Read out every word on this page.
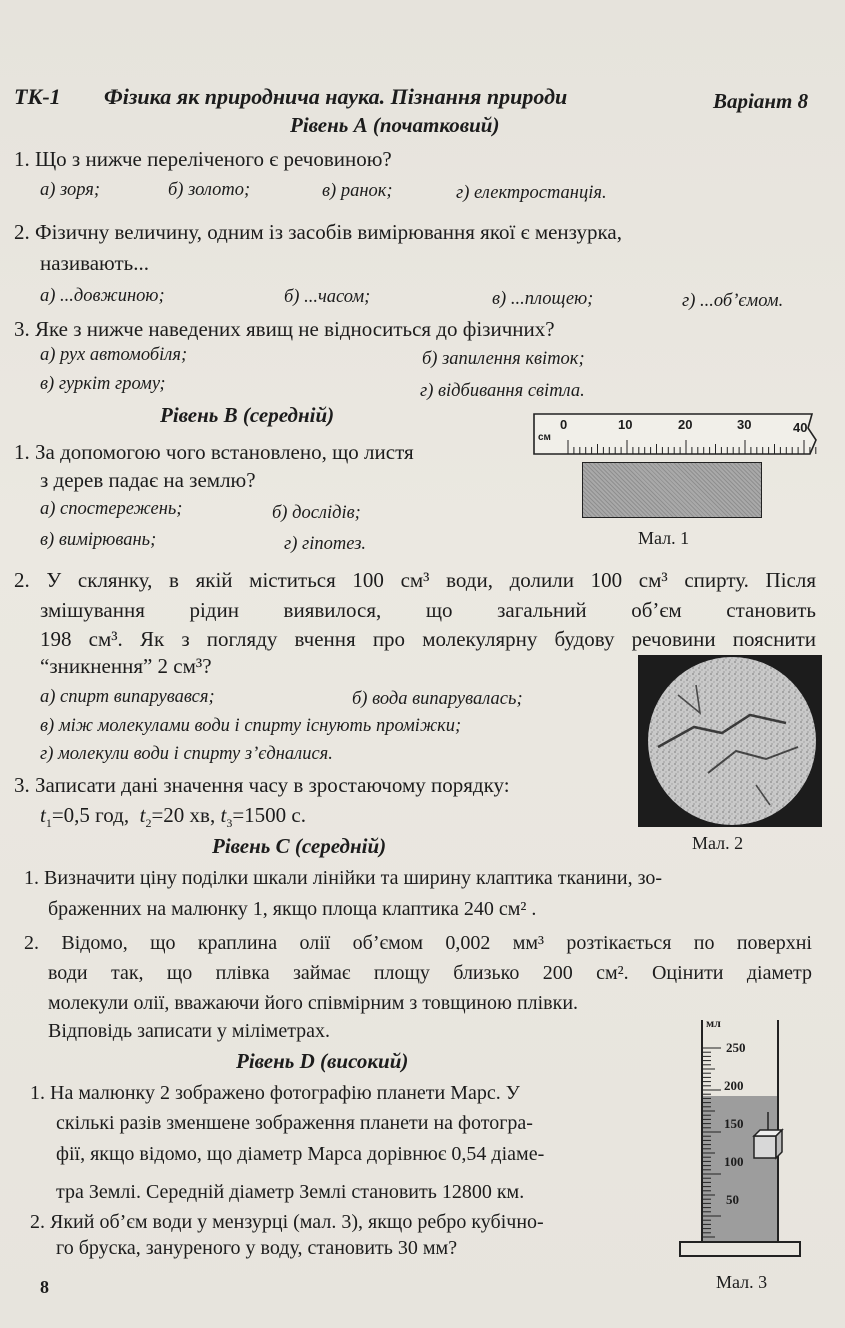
ТК-1 Фізика як природнича наука. Пізнання природи	Варіант 8
Рівень А (початковий)
1. Що з нижче переліченого є речовиною?
а) зоря;	б) золото;	в) ранок;	г) електростанція.
2. Фізичну величину, одним із засобів вимірювання якої є мензурка,
називають...
а) ...довжиною;	б) ...часом;	в) ...площею;	г) ...об’ємом.
3. Яке з нижче наведених явищ не відноситься до фізичних?
а) рух автомобіля;	б) запилення квіток;
в) гуркіт грому;	г) відбивання світла.
Рівень В (середній)
1. За допомогою чого встановлено, що листя
з дерев падає на землю?
а) спостережень;	б) дослідів;
в) вимірювань;	г) гіпотез.
0	10	20	30	40
см
Мал. 1
2. У склянку, в якій міститься 100 см³ води, долили 100 см³ спирту. Після
змішування рідин виявилося, що загальний об’єм становить
198 см³. Як з погляду вчення про молекулярну будову речовини пояснити
“зникнення” 2 см³?
а) спирт випарувався;	б) вода випарувалась;
в) між молекулами води і спирту існують проміжки;
г) молекули води і спирту з’єдналися.
Мал. 2
3. Записати дані значення часу в зростаючому порядку:
$t_1=0,5$ год, $t_2=20$ хв, $t_3=1500$ с.
Рівень С (середній)
1. Визначити ціну поділки шкали лінійки та ширину клаптика тканини, зо-
браженних на малюнку 1, якщо площа клаптика 240 см² .
2. Відомо, що краплина олії об’ємом 0,002 мм³ розтікається по поверхні
води так, що плівка займає площу близько 200 см². Оцінити діаметр
молекули олії, вважаючи його співмірним з товщиною плівки.
Відповідь записати у міліметрах.
Рівень D (високий)
1. На малюнку 2 зображено фотографію планети Марс. У
скількі разів зменшене зображення планети на фотогра-
фії, якщо відомо, що діаметр Марса дорівнює 0,54 діаме-
тра Землі. Середній діаметр Землі становить 12800 км.
2. Який об’єм води у мензурці (мал. 3), якщо ребро кубічно-
го бруска, зануреного у воду, становить 30 мм?
мл
250
200
150
100
50
Мал. 3
8
